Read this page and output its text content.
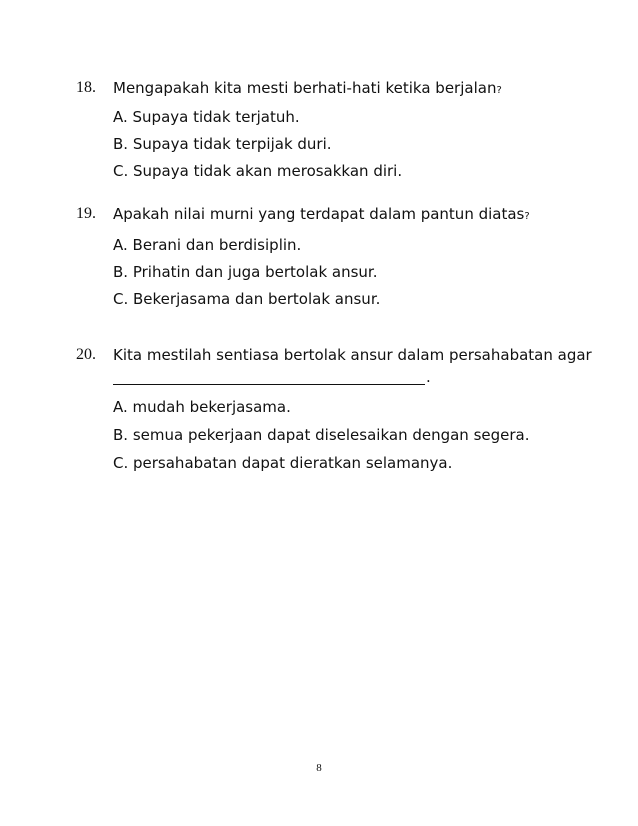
18. Mengapakah kita mesti berhati-hati ketika berjalan?
A. Supaya tidak terjatuh.
B. Supaya tidak terpijak duri.
C. Supaya tidak akan merosakkan diri.
19. Apakah nilai murni yang terdapat dalam pantun diatas?
A. Berani dan berdisiplin.
B. Prihatin dan juga bertolak ansur.
C. Bekerjasama dan bertolak ansur.
20. Kita mestilah sentiasa bertolak ansur dalam persahabatan agar
.
A. mudah bekerjasama.
B. semua pekerjaan dapat diselesaikan dengan segera.
C. persahabatan dapat dieratkan selamanya.
8
